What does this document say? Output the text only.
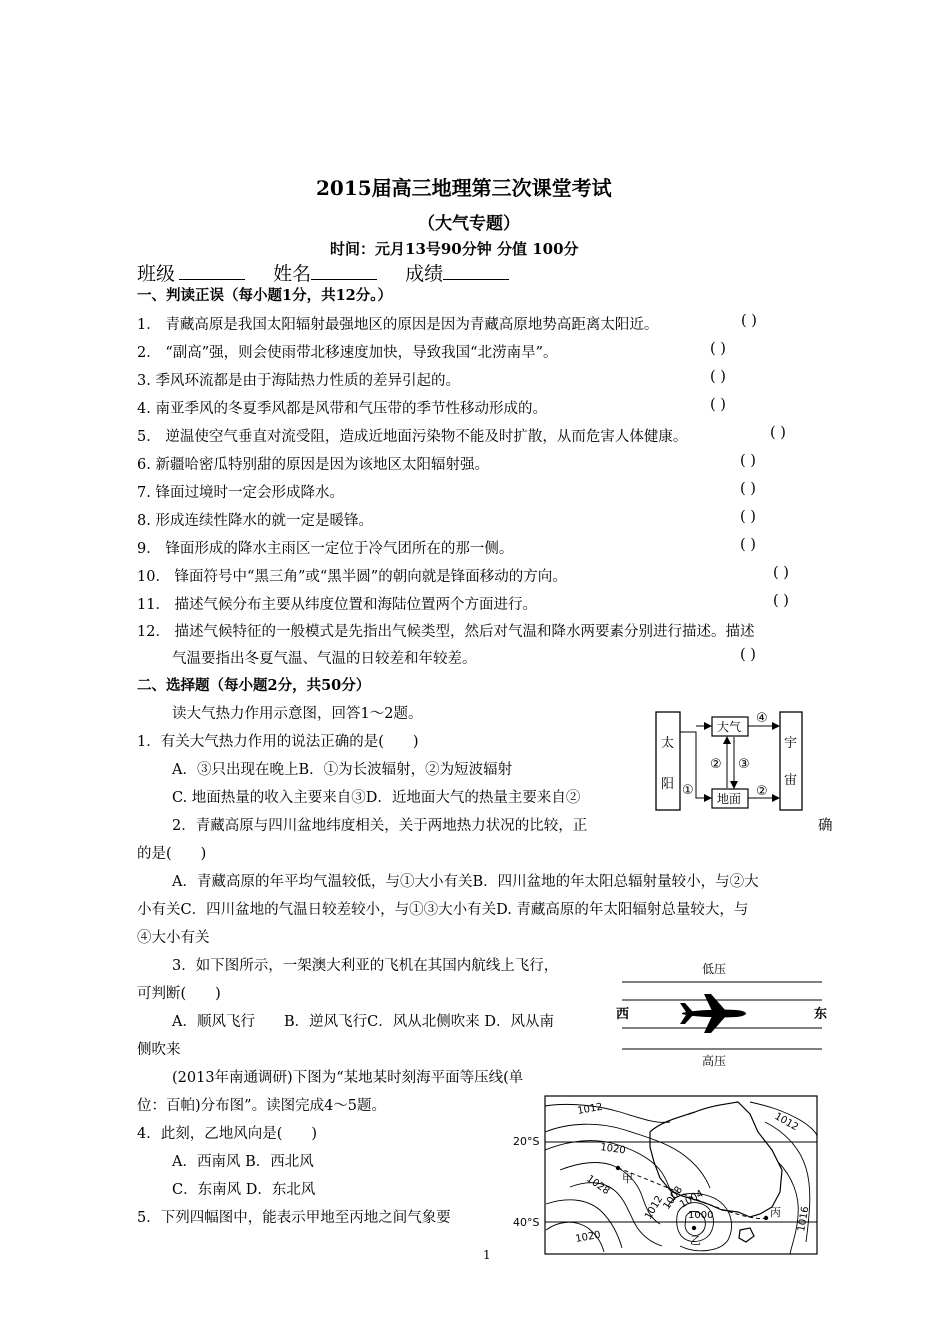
2015届高三地理第三次课堂考试
（大气专题）
时间：元月13号90分钟 分值 100分
班级	姓名	成绩
一、判读正误（每小题1分，共12分。）
1． 青藏高原是我国太阳辐射最强地区的原因是因为青藏高原地势高距离太阳近。	( )
2． “副高”强，则会使雨带北移速度加快，导致我国“北涝南旱”。	( )
3. 季风环流都是由于海陆热力性质的差异引起的。	( )
4. 南亚季风的冬夏季风都是风带和气压带的季节性移动形成的。	( )
5． 逆温使空气垂直对流受阻，造成近地面污染物不能及时扩散，从而危害人体健康。	( )
6. 新疆哈密瓜特别甜的原因是因为该地区太阳辐射强。	( )
7. 锋面过境时一定会形成降水。	( )
8. 形成连续性降水的就一定是暖锋。	( )
9． 锋面形成的降水主雨区一定位于冷气团所在的那一侧。	( )
10． 锋面符号中“黑三角”或“黑半圆”的朝向就是锋面移动的方向。	( )
11． 描述气候分布主要从纬度位置和海陆位置两个方面进行。	( )
12． 描述气候特征的一般模式是先指出气候类型，然后对气温和降水两要素分别进行描述。描述
气温要指出冬夏气温、气温的日较差和年较差。	( )
二、选择题（每小题2分，共50分）
读大气热力作用示意图，回答1～2题。
1．有关大气热力作用的说法正确的是(　　)
A．③只出现在晚上B．①为长波辐射，②为短波辐射
C. 地面热量的收入主要来自③D．近地面大气的热量主要来自②
2．青藏高原与四川盆地纬度相关，关于两地热力状况的比较，正	确
的是(　　)
A．青藏高原的年平均气温较低，与①大小有关B．四川盆地的年太阳总辐射量较小，与②大
小有关C．四川盆地的气温日较差较小，与①③大小有关D. 青藏高原的年太阳辐射总量较大，与
④大小有关
3．如下图所示，一架澳大利亚的飞机在其国内航线上飞行，
可判断(　　)
A．顺风飞行　　B．逆风飞行C．风从北侧吹来 D．风从南
侧吹来
(2013年南通调研)下图为“某地某时刻海平面等压线(单
位：百帕)分布图”。读图完成4～5题。
4．此刻，乙地风向是(　　)
A．西南风 B．西北风
C．东南风 D．东北风
5．下列四幅图中，能表示甲地至丙地之间气象要
太
阳
宇
宙
大气
地面
①
② ③
④
②
低压
西	东
高压
20°S
40°S
1012
1012
1020
1028
1012
1008
1004
1000	1016
1020
甲
乙
丙
1
